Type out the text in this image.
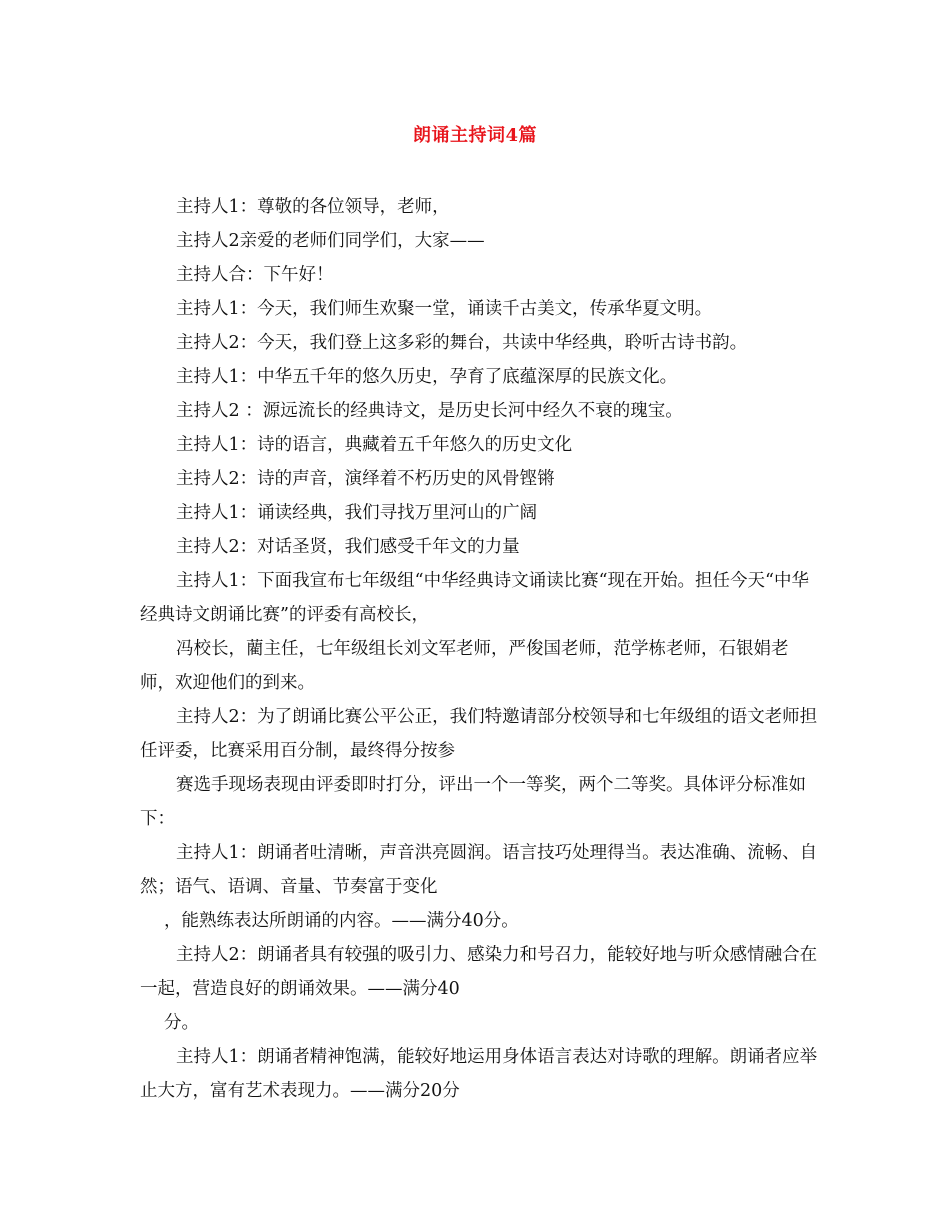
朗诵主持词4篇

主持人1：尊敬的各位领导，老师，

主持人2亲爱的老师们同学们，大家——

主持人合：下午好！

主持人1：今天，我们师生欢聚一堂，诵读千古美文，传承华夏文明。

主持人2：今天，我们登上这多彩的舞台，共读中华经典，聆听古诗书韵。

主持人1：中华五千年的悠久历史，孕育了底蕴深厚的民族文化。

主持人2 ：源远流长的经典诗文，是历史长河中经久不衰的瑰宝。

主持人1：诗的语言，典藏着五千年悠久的历史文化

主持人2：诗的声音，演绎着不朽历史的风骨铿锵

主持人1：诵读经典，我们寻找万里河山的广阔

主持人2：对话圣贤，我们感受千年文的力量

主持人1：下面我宣布七年级组“中华经典诗文诵读比赛“现在开始。担任今天“中华经典诗文朗诵比赛”的评委有高校长，

冯校长，藺主任，七年级组长刘文军老师，严俊国老师，范学栋老师，石银娟老师，欢迎他们的到来。

主持人2：为了朗诵比赛公平公正，我们特邀请部分校领导和七年级组的语文老师担任评委，比赛采用百分制，最终得分按参

赛选手现场表现由评委即时打分，评出一个一等奖，两个二等奖。具体评分标准如下：

主持人1：朗诵者吐清晰，声音洪亮圆润。语言技巧处理得当。表达准确、流畅、自然；语气、语调、音量、节奏富于变化

，能熟练表达所朗诵的内容。——满分40分。

主持人2：朗诵者具有较强的吸引力、感染力和号召力，能较好地与听众感情融合在一起，营造良好的朗诵效果。——满分40

分。

主持人1：朗诵者精神饱满，能较好地运用身体语言表达对诗歌的理解。朗诵者应举止大方，富有艺术表现力。——满分20分
